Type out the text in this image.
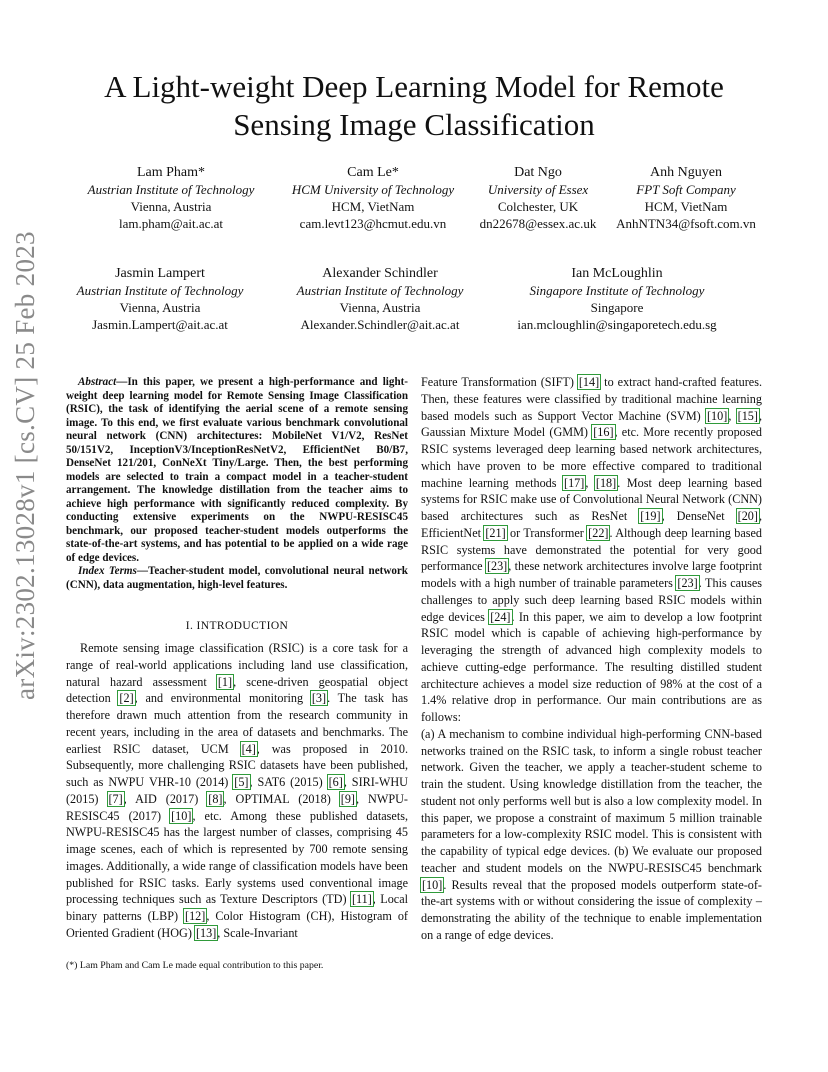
arXiv:2302.13028v1 [cs.CV] 25 Feb 2023
A Light-weight Deep Learning Model for Remote Sensing Image Classification
Lam Pham*
Austrian Institute of Technology
Vienna, Austria
lam.pham@ait.ac.at
Cam Le*
HCM University of Technology
HCM, VietNam
cam.levt123@hcmut.edu.vn
Dat Ngo
University of Essex
Colchester, UK
dn22678@essex.ac.uk
Anh Nguyen
FPT Soft Company
HCM, VietNam
AnhNTN34@fsoft.com.vn
Jasmin Lampert
Austrian Institute of Technology
Vienna, Austria
Jasmin.Lampert@ait.ac.at
Alexander Schindler
Austrian Institute of Technology
Vienna, Austria
Alexander.Schindler@ait.ac.at
Ian McLoughlin
Singapore Institute of Technology
Singapore
ian.mcloughlin@singaporetech.edu.sg
Abstract—In this paper, we present a high-performance and light-weight deep learning model for Remote Sensing Image Classification (RSIC), the task of identifying the aerial scene of a remote sensing image. To this end, we first evaluate various benchmark convolutional neural network (CNN) architectures: MobileNet V1/V2, ResNet 50/151V2, InceptionV3/InceptionResNetV2, EfficientNet B0/B7, DenseNet 121/201, ConNeXt Tiny/Large. Then, the best performing models are selected to train a compact model in a teacher-student arrangement. The knowledge distillation from the teacher aims to achieve high performance with significantly reduced complexity. By conducting extensive experiments on the NWPU-RESISC45 benchmark, our proposed teacher-student models outperforms the state-of-the-art systems, and has potential to be applied on a wide rage of edge devices.
Index Terms—Teacher-student model, convolutional neural network (CNN), data augmentation, high-level features.
I. INTRODUCTION

Remote sensing image classification (RSIC) is a core task for a range of real-world applications including land use classification, natural hazard assessment [1], scene-driven geospatial object detection [2], and environmental monitoring [3]. The task has therefore drawn much attention from the research community in recent years, including in the area of datasets and benchmarks. The earliest RSIC dataset, UCM [4], was proposed in 2010. Subsequently, more challenging RSIC datasets have been published, such as NWPU VHR-10 (2014) [5], SAT6 (2015) [6], SIRI-WHU (2015) [7], AID (2017) [8], OPTIMAL (2018) [9], NWPU-RESISC45 (2017) [10], etc. Among these published datasets, NWPU-RESISC45 has the largest number of classes, comprising 45 image scenes, each of which is represented by 700 remote sensing images. Additionally, a wide range of classification models have been published for RSIC tasks. Early systems used conventional image processing techniques such as Texture Descriptors (TD) [11], Local binary patterns (LBP) [12], Color Histogram (CH), Histogram of Oriented Gradient (HOG) [13], Scale-Invariant

Feature Transformation (SIFT) [14] to extract hand-crafted features. Then, these features were classified by traditional machine learning based models such as Support Vector Machine (SVM) [10], [15], Gaussian Mixture Model (GMM) [16], etc. More recently proposed RSIC systems leveraged deep learning based network architectures, which have proven to be more effective compared to traditional machine learning methods [17], [18]. Most deep learning based systems for RSIC make use of Convolutional Neural Network (CNN) based architectures such as ResNet [19], DenseNet [20], EfficientNet [21] or Transformer [22]. Although deep learning based RSIC systems have demonstrated the potential for very good performance [23], these network architectures involve large footprint models with a high number of trainable parameters [23]. This causes challenges to apply such deep learning based RSIC models within edge devices [24]. In this paper, we aim to develop a low footprint RSIC model which is capable of achieving high-performance by leveraging the strength of advanced high complexity models to achieve cutting-edge performance. The resulting distilled student architecture achieves a model size reduction of 98% at the cost of a 1.4% relative drop in performance. Our main contributions are as follows:
(a) A mechanism to combine individual high-performing CNN-based networks trained on the RSIC task, to inform a single robust teacher network. Given the teacher, we apply a teacher-student scheme to train the student. Using knowledge distillation from the teacher, the student not only performs well but is also a low complexity model. In this paper, we propose a constraint of maximum 5 million trainable parameters for a low-complexity RSIC model. This is consistent with the capability of typical edge devices. (b) We evaluate our proposed teacher and student models on the NWPU-RESISC45 benchmark [10]. Results reveal that the proposed models outperform state-of-the-art systems with or without considering the issue of complexity – demonstrating the ability of the technique to enable implementation on a range of edge devices.

(*) Lam Pham and Cam Le made equal contribution to this paper.
